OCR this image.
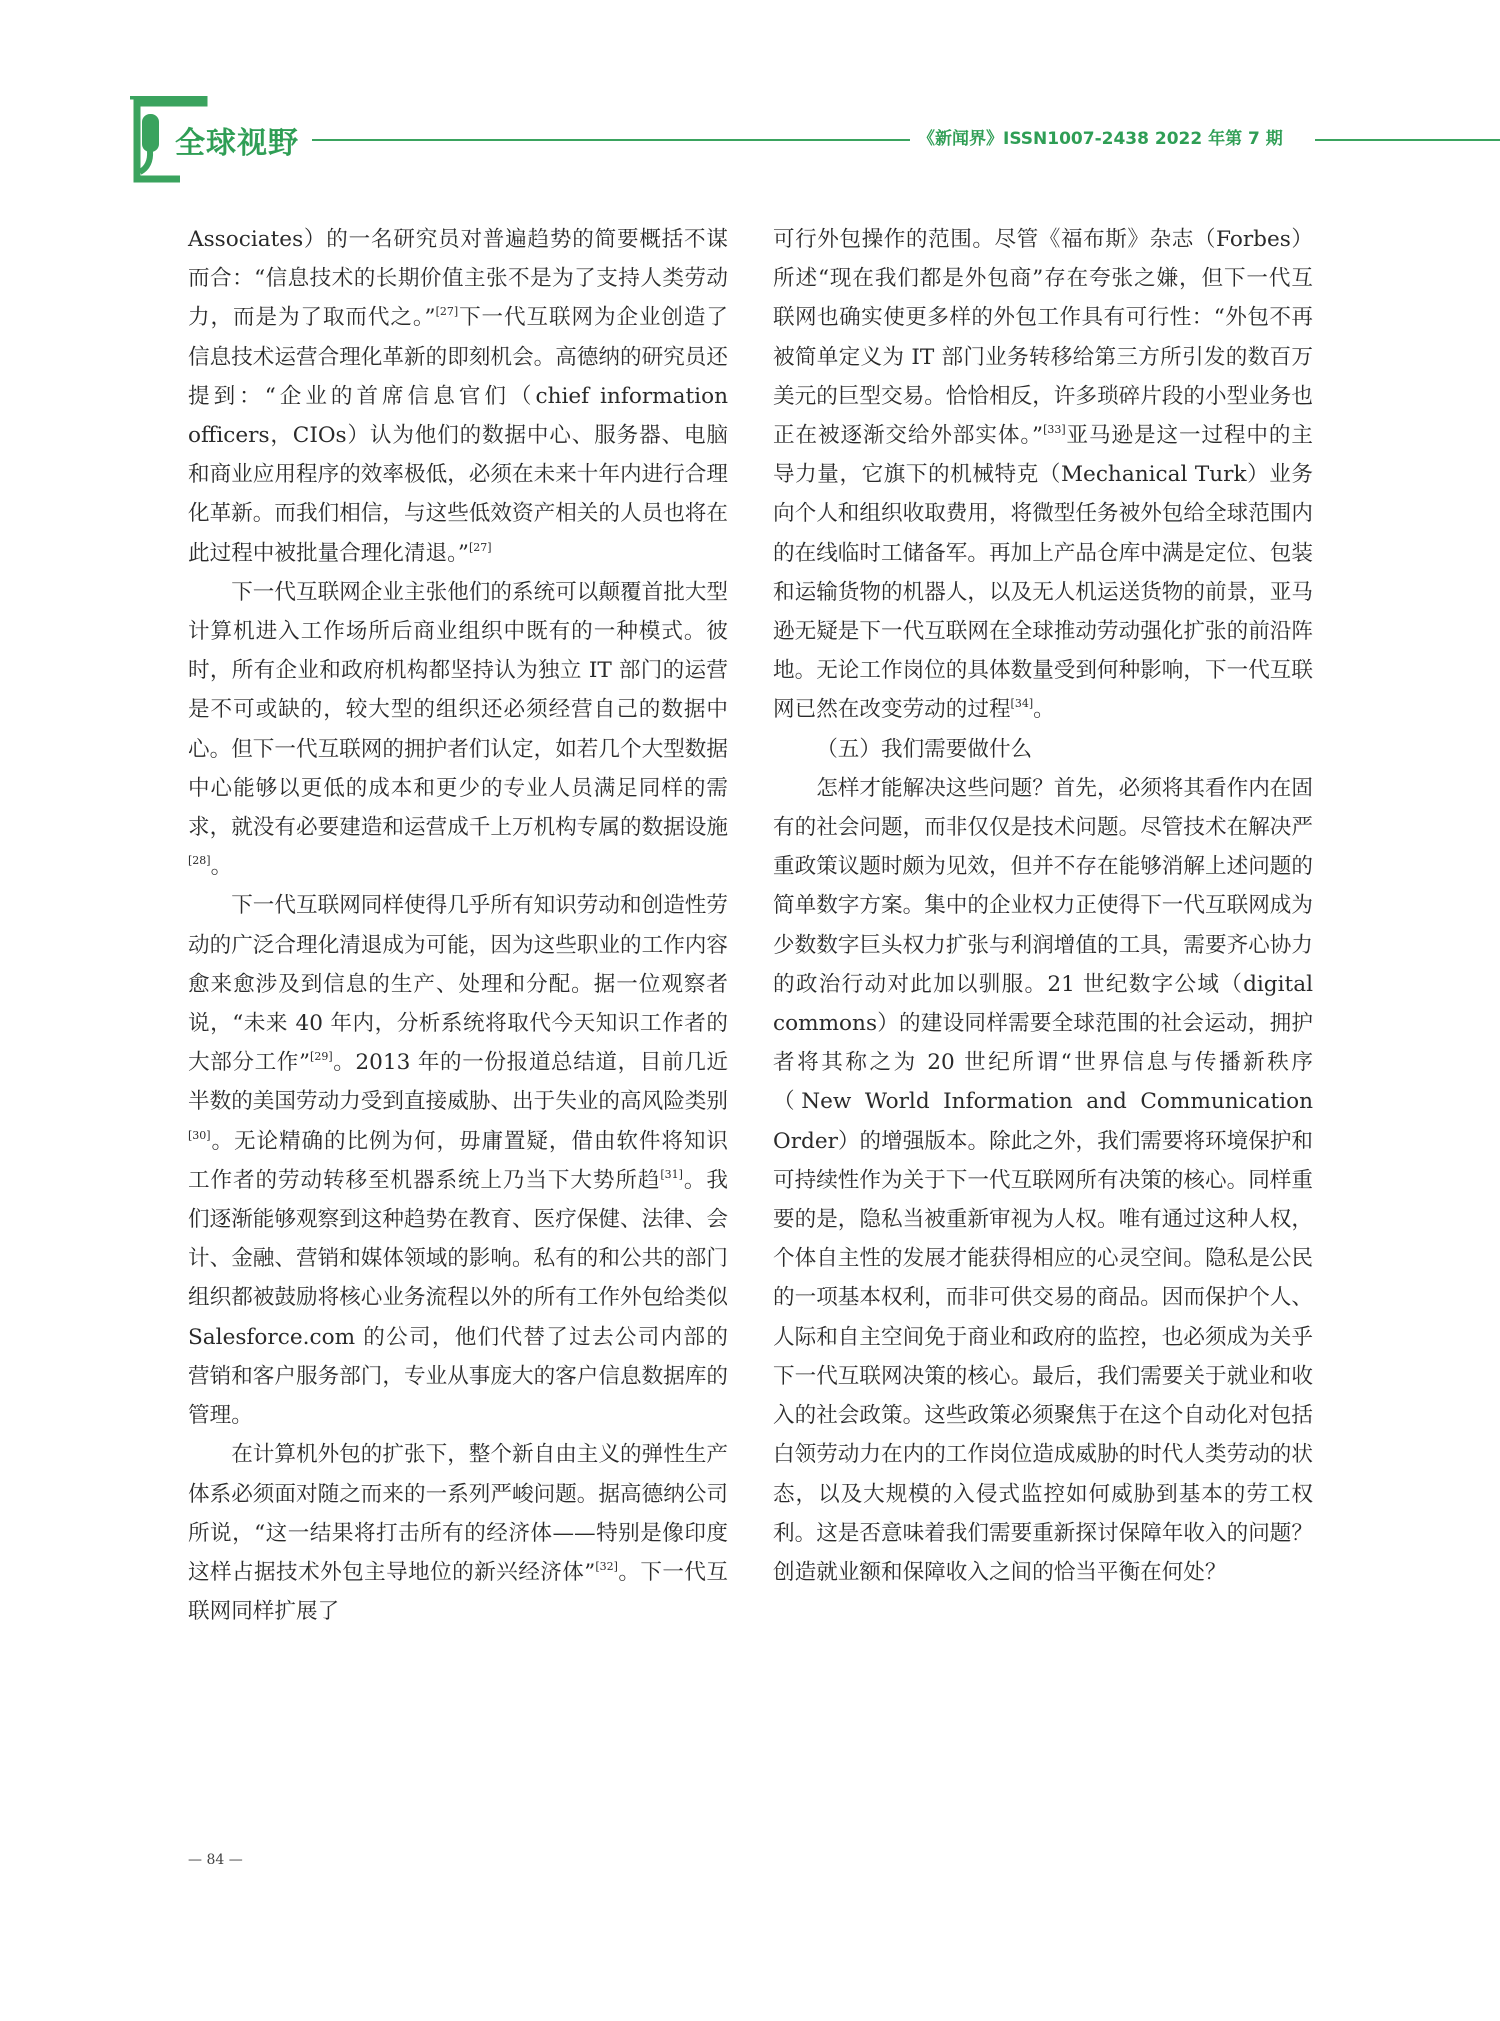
全球视野	《新闻界》ISSN1007-2438 2022 年第 7 期

Associates）的一名研究员对普遍趋势的简要概括不谋而合：“信息技术的长期价值主张不是为了支持人类劳动力，而是为了取而代之。”[27]下一代互联网为企业创造了信息技术运营合理化革新的即刻机会。高德纳的研究员还提到：“企业的首席信息官们（chief information officers，CIOs）认为他们的数据中心、服务器、电脑和商业应用程序的效率极低，必须在未来十年内进行合理化革新。而我们相信，与这些低效资产相关的人员也将在此过程中被批量合理化清退。”[27]

下一代互联网企业主张他们的系统可以颠覆首批大型计算机进入工作场所后商业组织中既有的一种模式。彼时，所有企业和政府机构都坚持认为独立 IT 部门的运营是不可或缺的，较大型的组织还必须经营自己的数据中心。但下一代互联网的拥护者们认定，如若几个大型数据中心能够以更低的成本和更少的专业人员满足同样的需求，就没有必要建造和运营成千上万机构专属的数据设施[28]。

下一代互联网同样使得几乎所有知识劳动和创造性劳动的广泛合理化清退成为可能，因为这些职业的工作内容愈来愈涉及到信息的生产、处理和分配。据一位观察者说，“未来 40 年内，分析系统将取代今天知识工作者的大部分工作”[29]。2013 年的一份报道总结道，目前几近半数的美国劳动力受到直接威胁、出于失业的高风险类别[30]。无论精确的比例为何，毋庸置疑，借由软件将知识工作者的劳动转移至机器系统上乃当下大势所趋[31]。我们逐渐能够观察到这种趋势在教育、医疗保健、法律、会计、金融、营销和媒体领域的影响。私有的和公共的部门组织都被鼓励将核心业务流程以外的所有工作外包给类似 Salesforce.com 的公司，他们代替了过去公司内部的营销和客户服务部门，专业从事庞大的客户信息数据库的管理。

在计算机外包的扩张下，整个新自由主义的弹性生产体系必须面对随之而来的一系列严峻问题。据高德纳公司所说，“这一结果将打击所有的经济体——特别是像印度这样占据技术外包主导地位的新兴经济体”[32]。下一代互联网同样扩展了

可行外包操作的范围。尽管《福布斯》杂志（Forbes）所述“现在我们都是外包商”存在夸张之嫌，但下一代互联网也确实使更多样的外包工作具有可行性：“外包不再被简单定义为 IT 部门业务转移给第三方所引发的数百万美元的巨型交易。恰恰相反，许多琐碎片段的小型业务也正在被逐渐交给外部实体。”[33]亚马逊是这一过程中的主导力量，它旗下的机械特克（Mechanical Turk）业务向个人和组织收取费用，将微型任务被外包给全球范围内的在线临时工储备军。再加上产品仓库中满是定位、包装和运输货物的机器人，以及无人机运送货物的前景，亚马逊无疑是下一代互联网在全球推动劳动强化扩张的前沿阵地。无论工作岗位的具体数量受到何种影响，下一代互联网已然在改变劳动的过程[34]。

（五）我们需要做什么

怎样才能解决这些问题？首先，必须将其看作内在固有的社会问题，而非仅仅是技术问题。尽管技术在解决严重政策议题时颇为见效，但并不存在能够消解上述问题的简单数字方案。集中的企业权力正使得下一代互联网成为少数数字巨头权力扩张与利润增值的工具，需要齐心协力的政治行动对此加以驯服。21 世纪数字公域（digital commons）的建设同样需要全球范围的社会运动，拥护者将其称之为 20 世纪所谓“世界信息与传播新秩序（New World Information and Communication Order）的增强版本。除此之外，我们需要将环境保护和可持续性作为关于下一代互联网所有决策的核心。同样重要的是，隐私当被重新审视为人权。唯有通过这种人权，个体自主性的发展才能获得相应的心灵空间。隐私是公民的一项基本权利，而非可供交易的商品。因而保护个人、人际和自主空间免于商业和政府的监控，也必须成为关乎下一代互联网决策的核心。最后，我们需要关于就业和收入的社会政策。这些政策必须聚焦于在这个自动化对包括白领劳动力在内的工作岗位造成威胁的时代人类劳动的状态，以及大规模的入侵式监控如何威胁到基本的劳工权利。这是否意味着我们需要重新探讨保障年收入的问题？创造就业额和保障收入之间的恰当平衡在何处？

— 84 —
